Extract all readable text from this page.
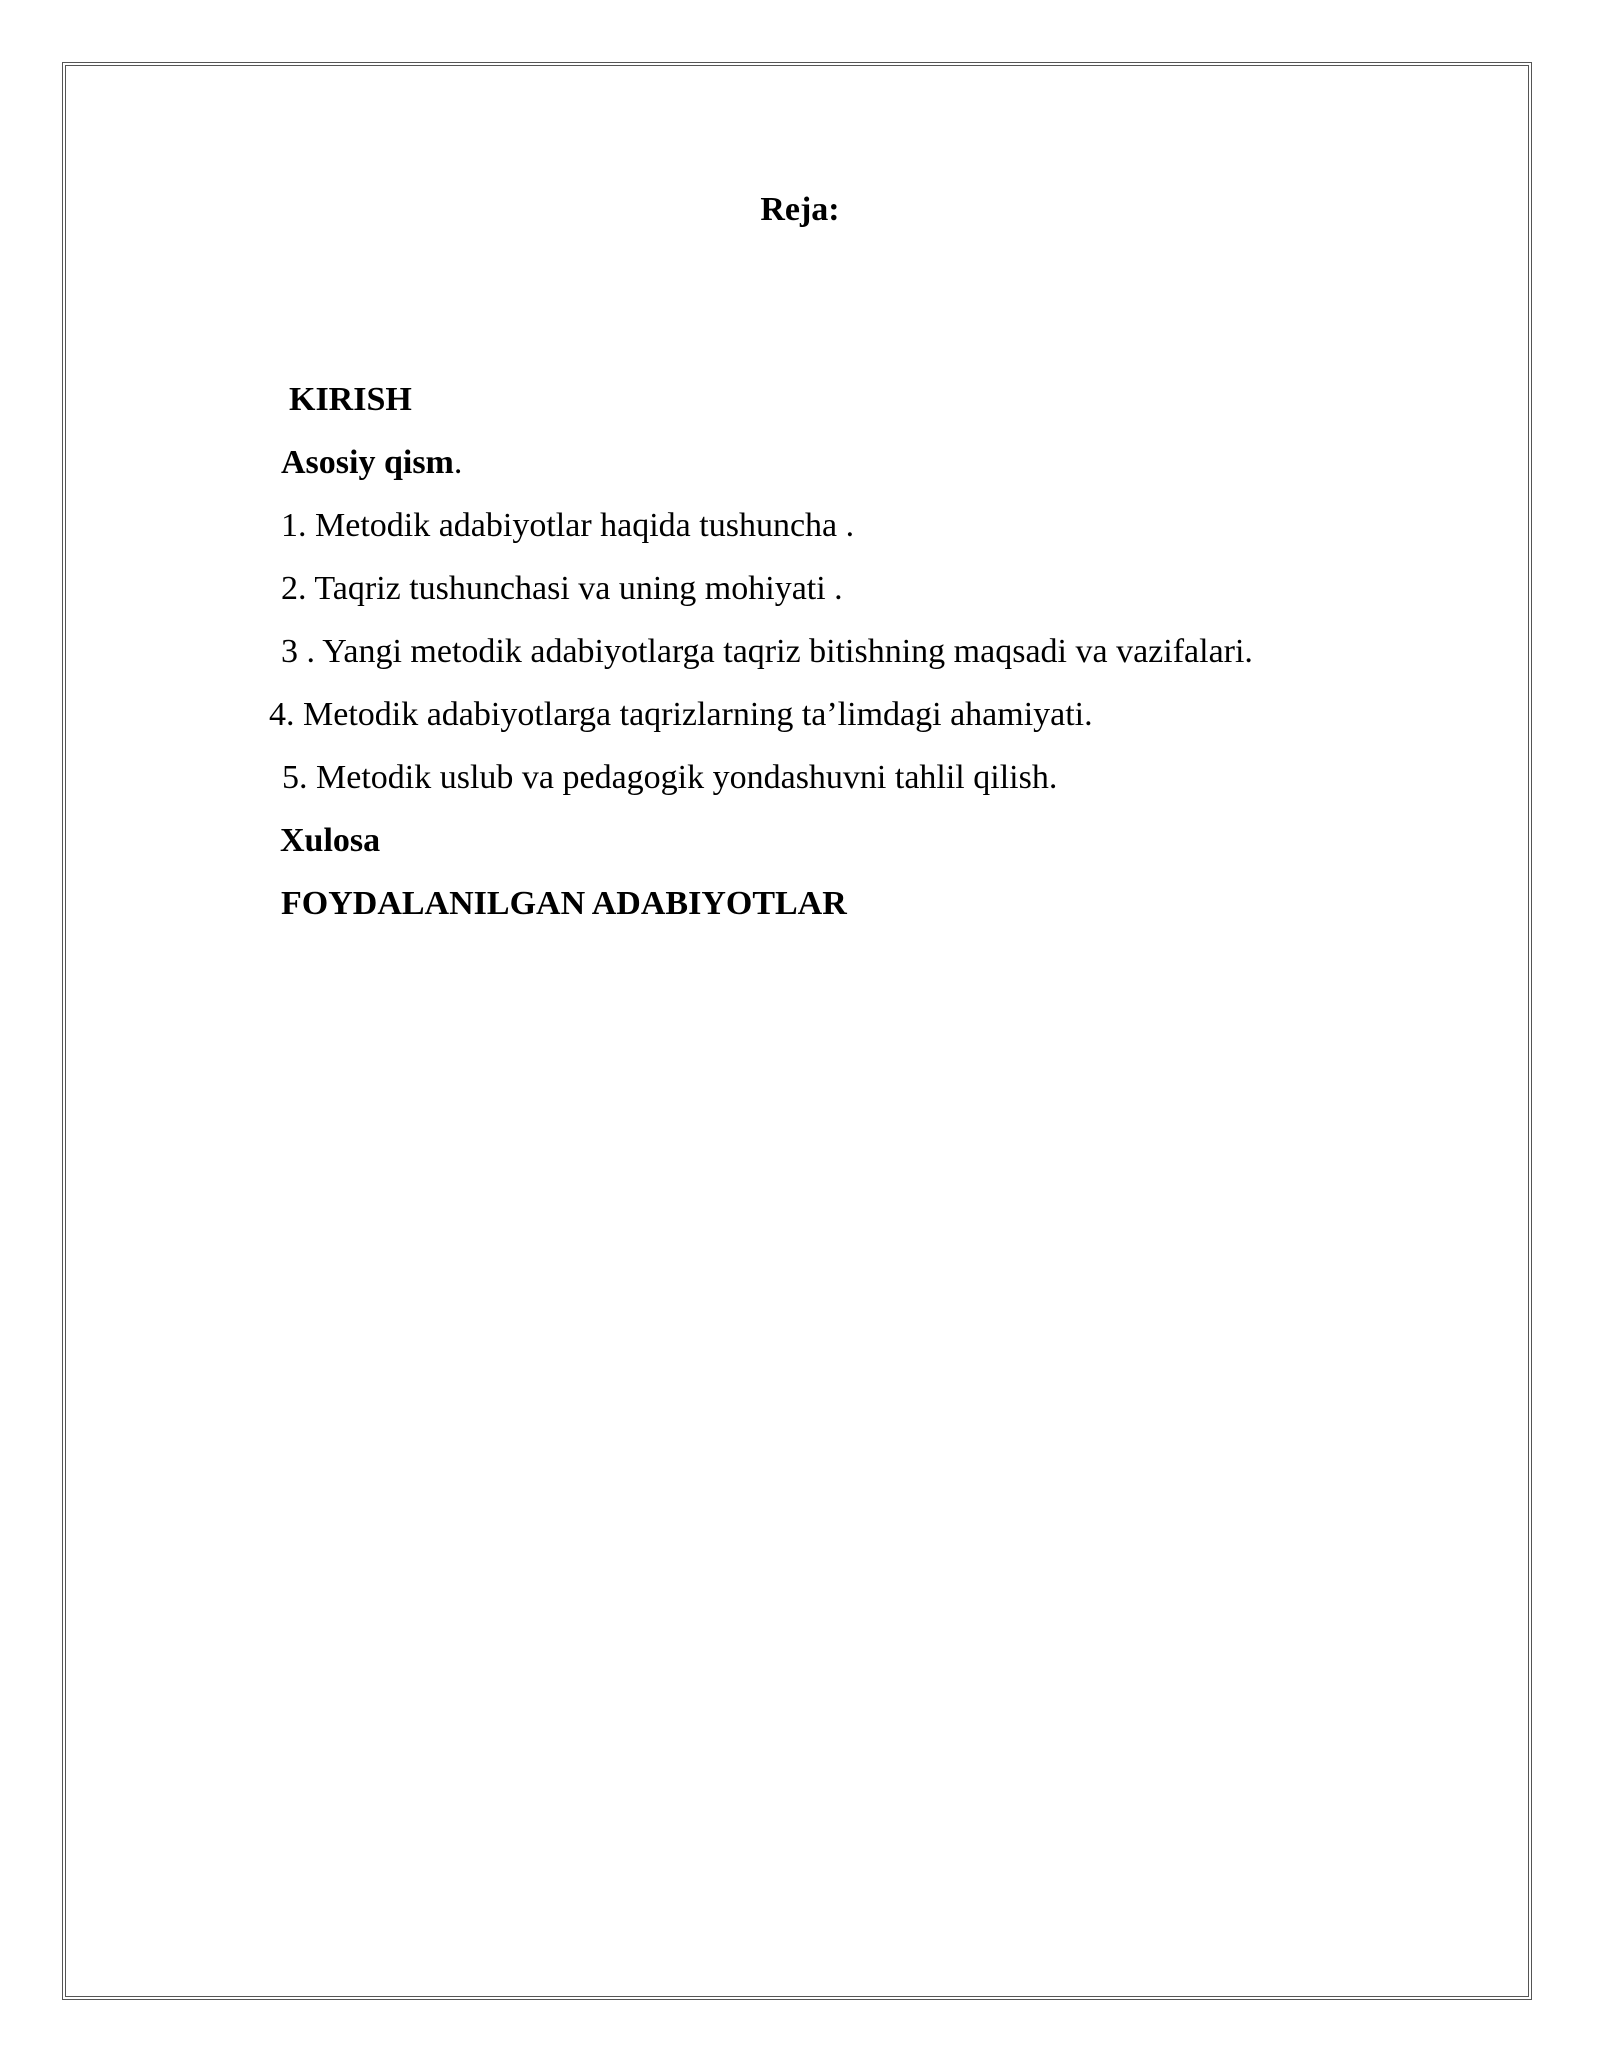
Reja:
KIRISH
Asosiy qism.
1. Metodik adabiyotlar haqida tushuncha .
2. Taqriz tushunchasi va uning mohiyati .
3 . Yangi metodik adabiyotlarga taqriz bitishning maqsadi va vazifalari.
4. Metodik adabiyotlarga taqrizlarning ta’limdagi ahamiyati.
5. Metodik uslub va pedagogik yondashuvni tahlil qilish.
Xulosa
FOYDALANILGAN ADABIYOTLAR
